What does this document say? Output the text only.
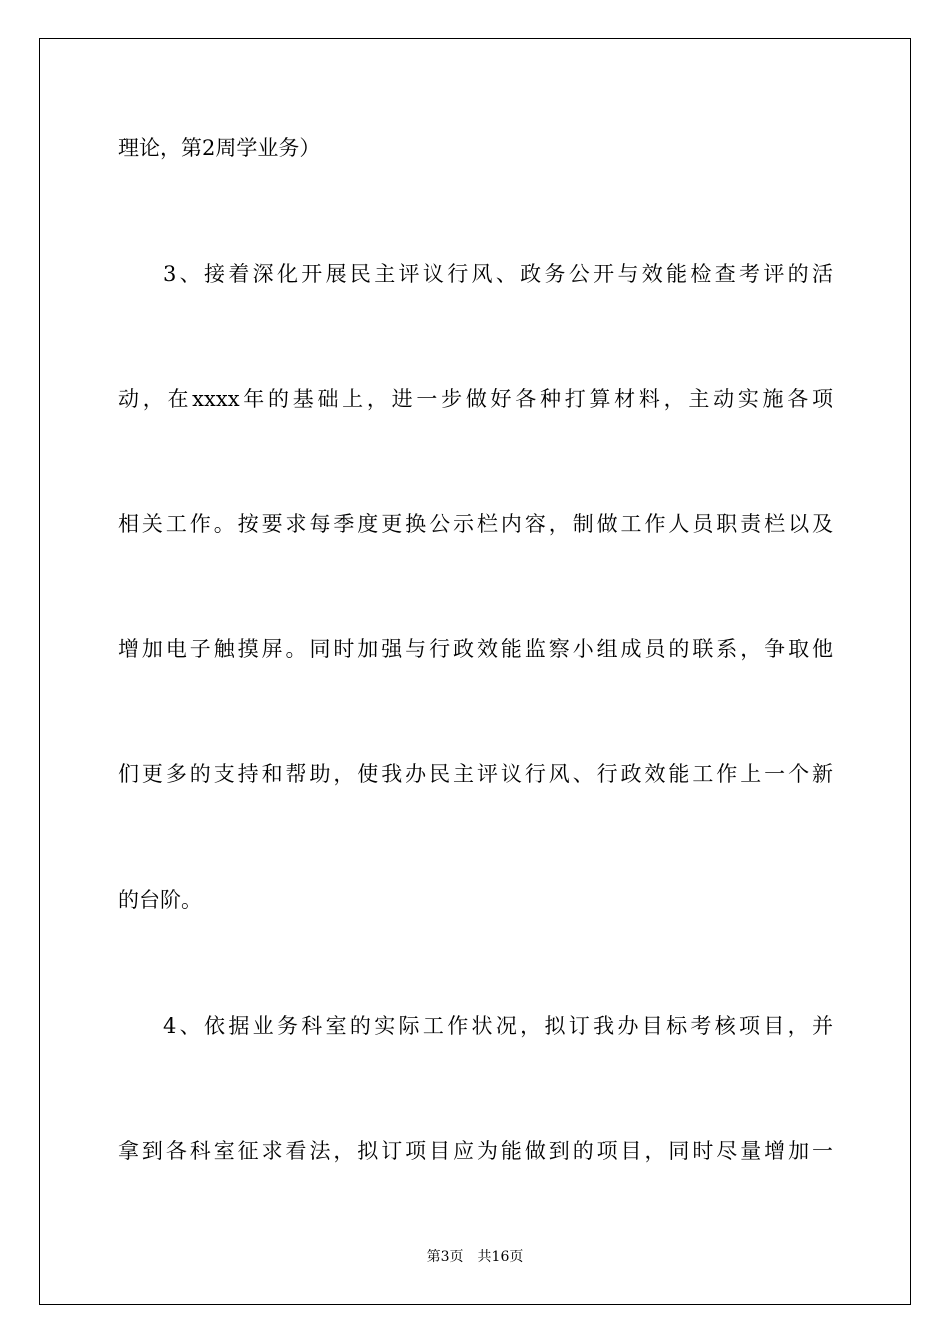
理论，第2周学业务）
3、接着深化开展民主评议行风、政务公开与效能检查考评的活
动，在xxxx年的基础上，进一步做好各种打算材料，主动实施各项
相关工作。按要求每季度更换公示栏内容，制做工作人员职责栏以及
增加电子触摸屏。同时加强与行政效能监察小组成员的联系，争取他
们更多的支持和帮助，使我办民主评议行风、行政效能工作上一个新
的台阶。
4、依据业务科室的实际工作状况，拟订我办目标考核项目，并
拿到各科室征求看法，拟订项目应为能做到的项目，同时尽量增加一
第3页 共16页
